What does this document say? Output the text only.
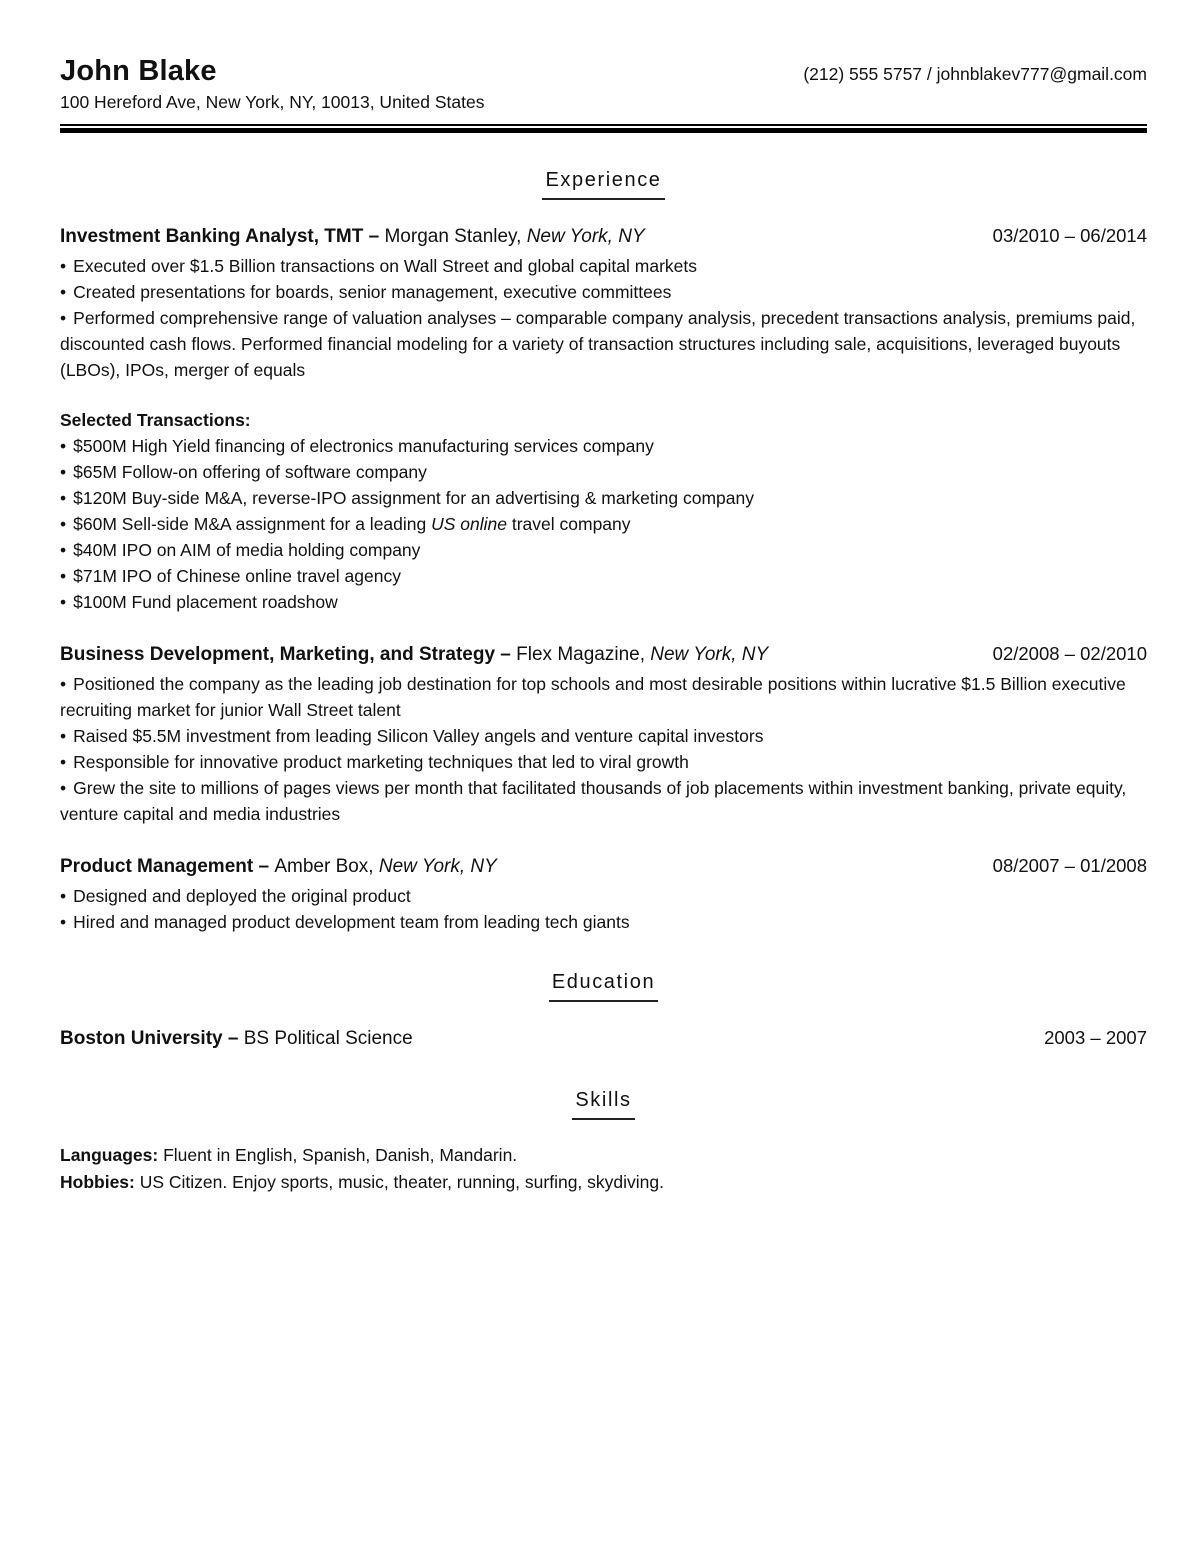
John Blake	(212) 555 5757 / johnblakev777@gmail.com
100 Hereford Ave, New York, NY, 10013, United States
Experience

Investment Banking Analyst, TMT – Morgan Stanley, New York, NY	03/2010 – 06/2014

• Executed over $1.5 Billion transactions on Wall Street and global capital markets

• Created presentations for boards, senior management, executive committees

• Performed comprehensive range of valuation analyses – comparable company analysis, precedent transactions analysis, premiums paid, discounted cash flows. Performed financial modeling for a variety of transaction structures including sale, acquisitions, leveraged buyouts (LBOs), IPOs, merger of equals

Selected Transactions:

• $500M High Yield financing of electronics manufacturing services company

• $65M Follow-on offering of software company

• $120M Buy-side M&A, reverse-IPO assignment for an advertising & marketing company

• $60M Sell-side M&A assignment for a leading US online travel company

• $40M IPO on AIM of media holding company

• $71M IPO of Chinese online travel agency

• $100M Fund placement roadshow

Business Development, Marketing, and Strategy – Flex Magazine, New York, NY	02/2008 – 02/2010

• Positioned the company as the leading job destination for top schools and most desirable positions within lucrative $1.5 Billion executive recruiting market for junior Wall Street talent

• Raised $5.5M investment from leading Silicon Valley angels and venture capital investors

• Responsible for innovative product marketing techniques that led to viral growth

• Grew the site to millions of pages views per month that facilitated thousands of job placements within investment banking, private equity, venture capital and media industries

Product Management – Amber Box, New York, NY	08/2007 – 01/2008

• Designed and deployed the original product

• Hired and managed product development team from leading tech giants

Education

Boston University – BS Political Science	2003 – 2007

Skills

Languages: Fluent in English, Spanish, Danish, Mandarin.

Hobbies: US Citizen. Enjoy sports, music, theater, running, surfing, skydiving.
